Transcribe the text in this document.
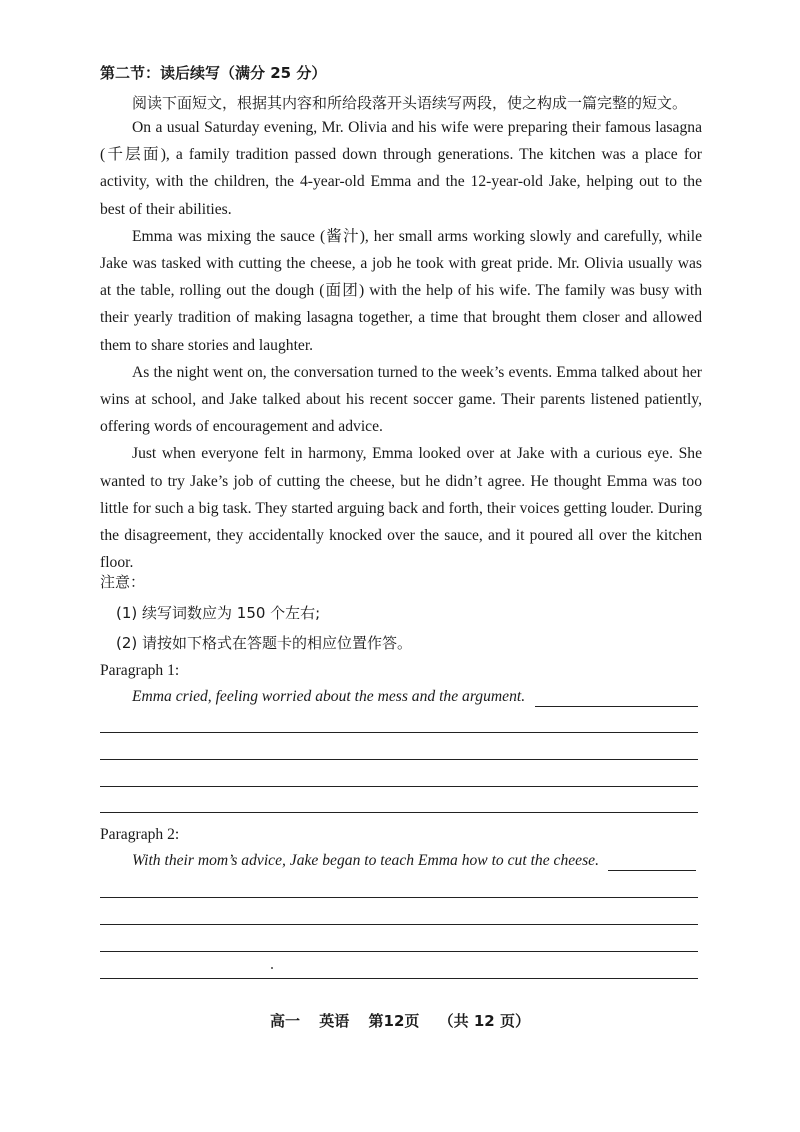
第二节：读后续写（满分 25 分）
阅读下面短文，根据其内容和所给段落开头语续写两段，使之构成一篇完整的短文。

On a usual Saturday evening, Mr. Olivia and his wife were preparing their famous lasagna (千层面), a family tradition passed down through generations. The kitchen was a place for activity, with the children, the 4-year-old Emma and the 12-year-old Jake, helping out to the best of their abilities.

Emma was mixing the sauce (酱汁), her small arms working slowly and carefully, while Jake was tasked with cutting the cheese, a job he took with great pride. Mr. Olivia usually was at the table, rolling out the dough (面团) with the help of his wife. The family was busy with their yearly tradition of making lasagna together, a time that brought them closer and allowed them to share stories and laughter.

As the night went on, the conversation turned to the week’s events. Emma talked about her wins at school, and Jake talked about his recent soccer game. Their parents listened patiently, offering words of encouragement and advice.

Just when everyone felt in harmony, Emma looked over at Jake with a curious eye. She wanted to try Jake’s job of cutting the cheese, but he didn’t agree. He thought Emma was too little for such a big task. They started arguing back and forth, their voices getting louder. During the disagreement, they accidentally knocked over the sauce, and it poured all over the kitchen floor.

注意：
(1) 续写词数应为 150 个左右;
(2) 请按如下格式在答题卡的相应位置作答。
Paragraph 1:
Emma cried, feeling worried about the mess and the argument.
Paragraph 2:
With their mom’s advice, Jake began to teach Emma how to cut the cheese.
高一 英语 第12页 （共 12 页）
